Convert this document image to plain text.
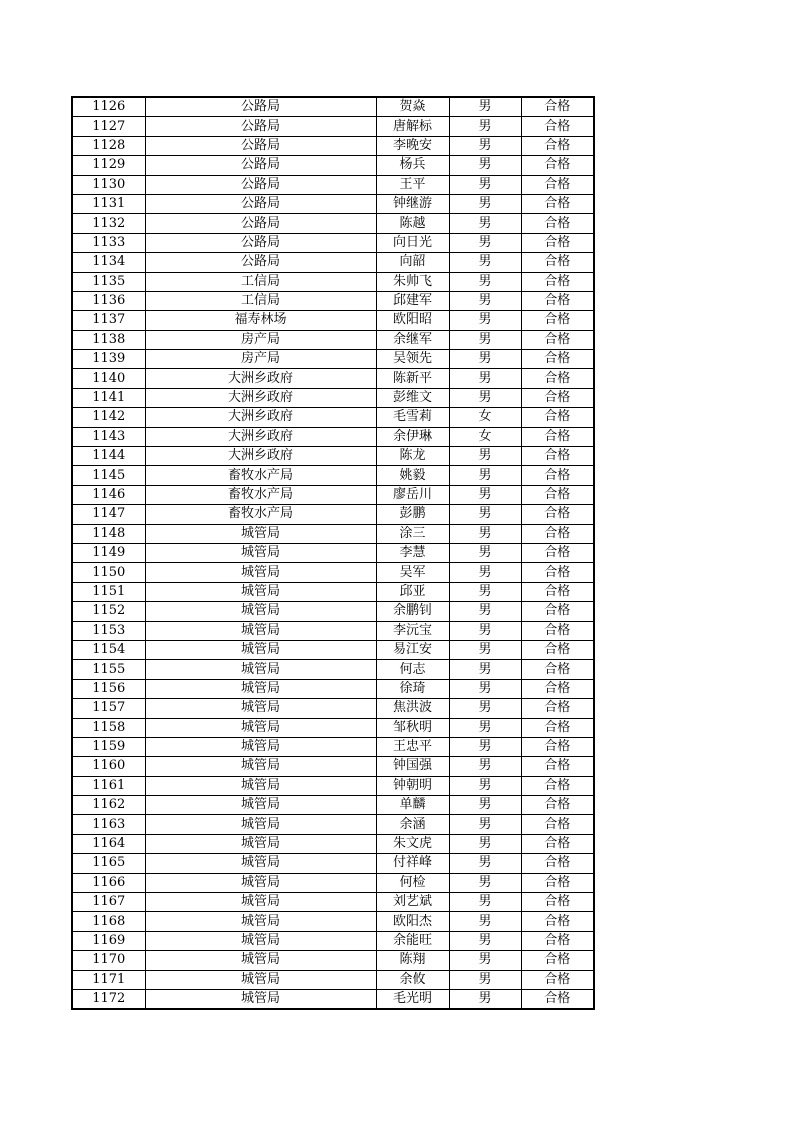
1126	公路局	贺焱	男	合格
1127	公路局	唐解标	男	合格
1128	公路局	李晚安	男	合格
1129	公路局	杨兵	男	合格
1130	公路局	王平	男	合格
1131	公路局	钟继游	男	合格
1132	公路局	陈越	男	合格
1133	公路局	向日光	男	合格
1134	公路局	向韶	男	合格
1135	工信局	朱帅飞	男	合格
1136	工信局	邱建军	男	合格
1137	福寿林场	欧阳昭	男	合格
1138	房产局	余继军	男	合格
1139	房产局	吴领先	男	合格
1140	大洲乡政府	陈新平	男	合格
1141	大洲乡政府	彭维文	男	合格
1142	大洲乡政府	毛雪莉	女	合格
1143	大洲乡政府	余伊琳	女	合格
1144	大洲乡政府	陈龙	男	合格
1145	畜牧水产局	姚毅	男	合格
1146	畜牧水产局	廖岳川	男	合格
1147	畜牧水产局	彭鹏	男	合格
1148	城管局	涂三	男	合格
1149	城管局	李慧	男	合格
1150	城管局	吴军	男	合格
1151	城管局	邱亚	男	合格
1152	城管局	余鹏钊	男	合格
1153	城管局	李沅宝	男	合格
1154	城管局	易江安	男	合格
1155	城管局	何志	男	合格
1156	城管局	徐琦	男	合格
1157	城管局	焦洪波	男	合格
1158	城管局	邹秋明	男	合格
1159	城管局	王忠平	男	合格
1160	城管局	钟国强	男	合格
1161	城管局	钟朝明	男	合格
1162	城管局	单麟	男	合格
1163	城管局	余涵	男	合格
1164	城管局	朱文虎	男	合格
1165	城管局	付祥峰	男	合格
1166	城管局	何检	男	合格
1167	城管局	刘艺斌	男	合格
1168	城管局	欧阳杰	男	合格
1169	城管局	余能旺	男	合格
1170	城管局	陈翔	男	合格
1171	城管局	余攸	男	合格
1172	城管局	毛光明	男	合格
